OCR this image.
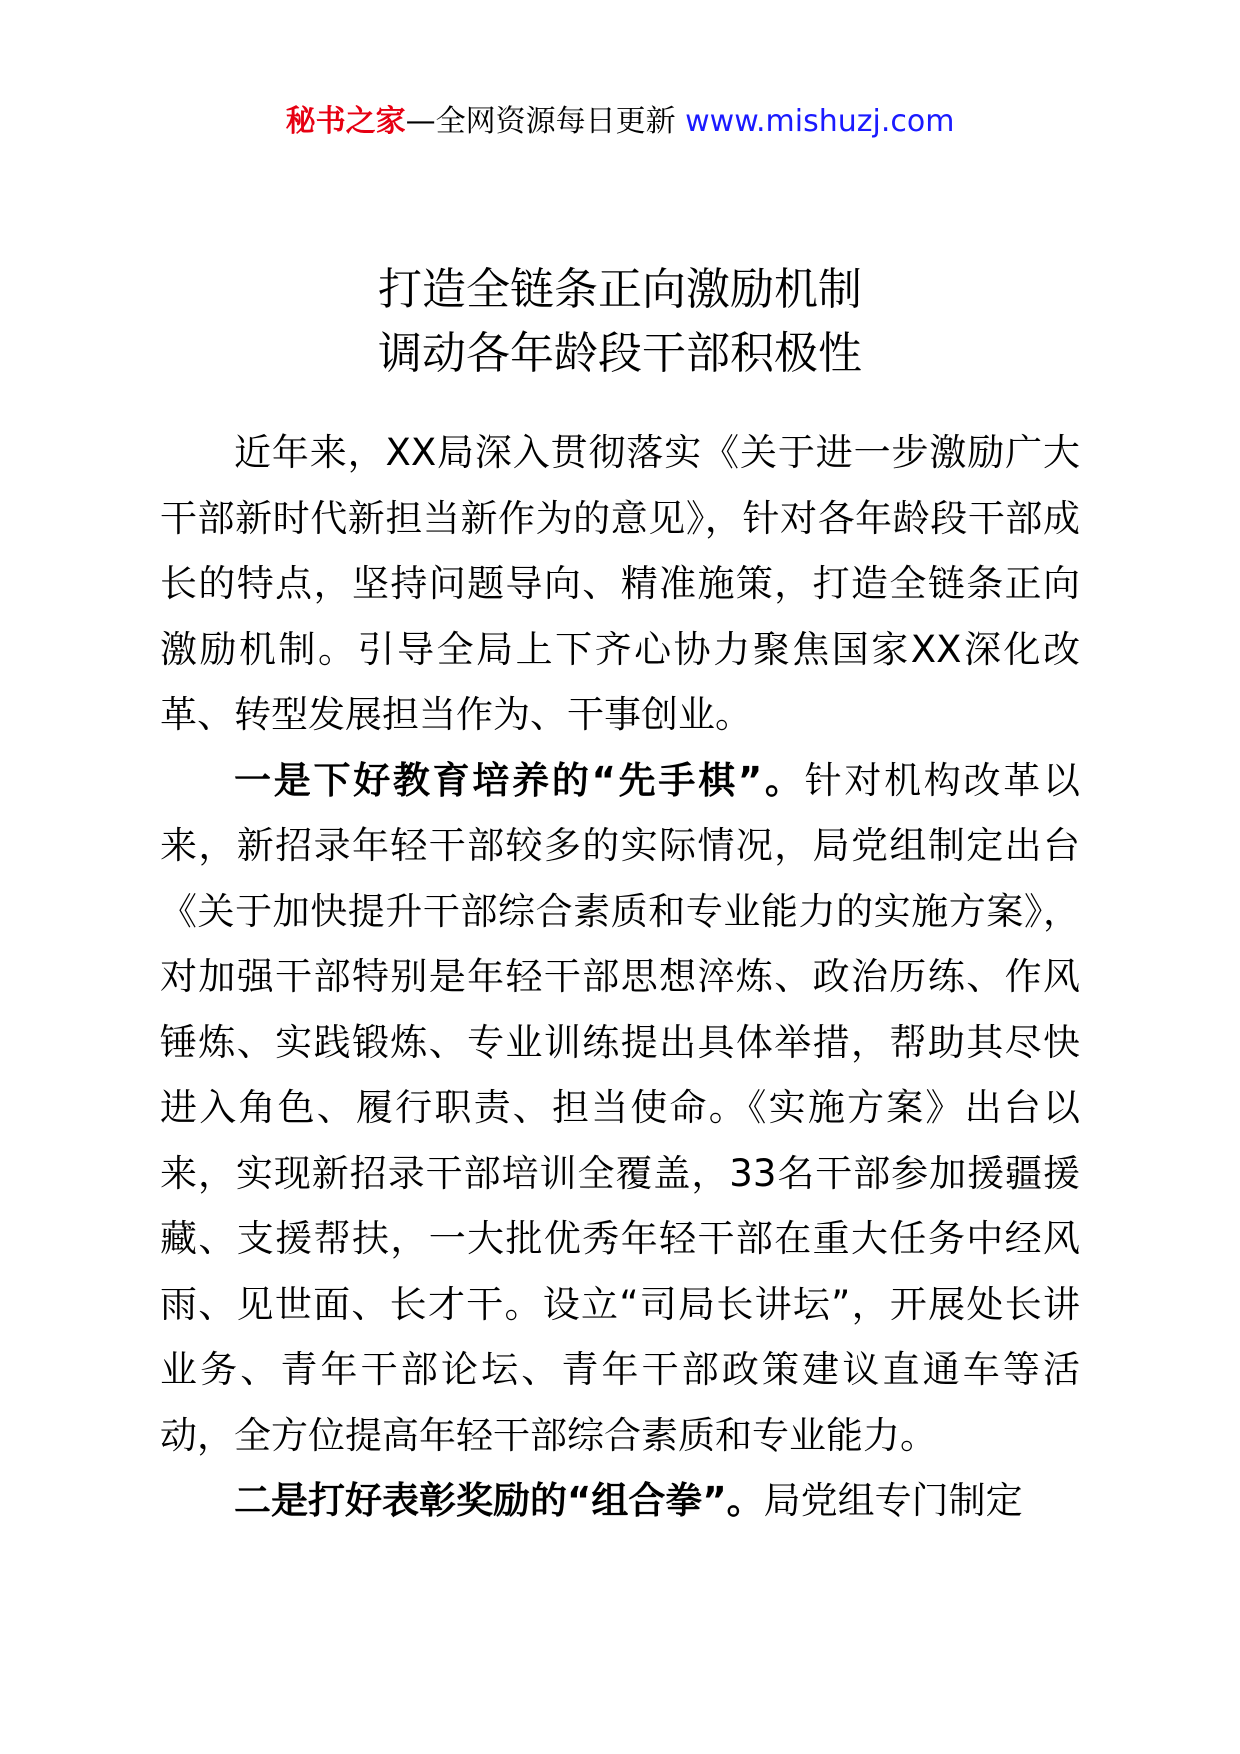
秘书之家—全网资源每日更新 www.mishuzj.com
打造全链条正向激励机制
调动各年龄段干部积极性

近年来，XX局深入贯彻落实《关于进一步激励广大干部新时代新担当新作为的意见》，针对各年龄段干部成长的特点，坚持问题导向、精准施策，打造全链条正向激励机制。引导全局上下齐心协力聚焦国家XX深化改革、转型发展担当作为、干事创业。

一是下好教育培养的“先手棋”。针对机构改革以来，新招录年轻干部较多的实际情况，局党组制定出台《关于加快提升干部综合素质和专业能力的实施方案》，对加强干部特别是年轻干部思想淬炼、政治历练、作风锤炼、实践锻炼、专业训练提出具体举措，帮助其尽快进入角色、履行职责、担当使命。《实施方案》出台以来，实现新招录干部培训全覆盖，33名干部参加援疆援藏、支援帮扶，一大批优秀年轻干部在重大任务中经风雨、见世面、长才干。设立“司局长讲坛”，开展处长讲业务、青年干部论坛、青年干部政策建议直通车等活动，全方位提高年轻干部综合素质和专业能力。

二是打好表彰奖励的“组合拳”。局党组专门制定
